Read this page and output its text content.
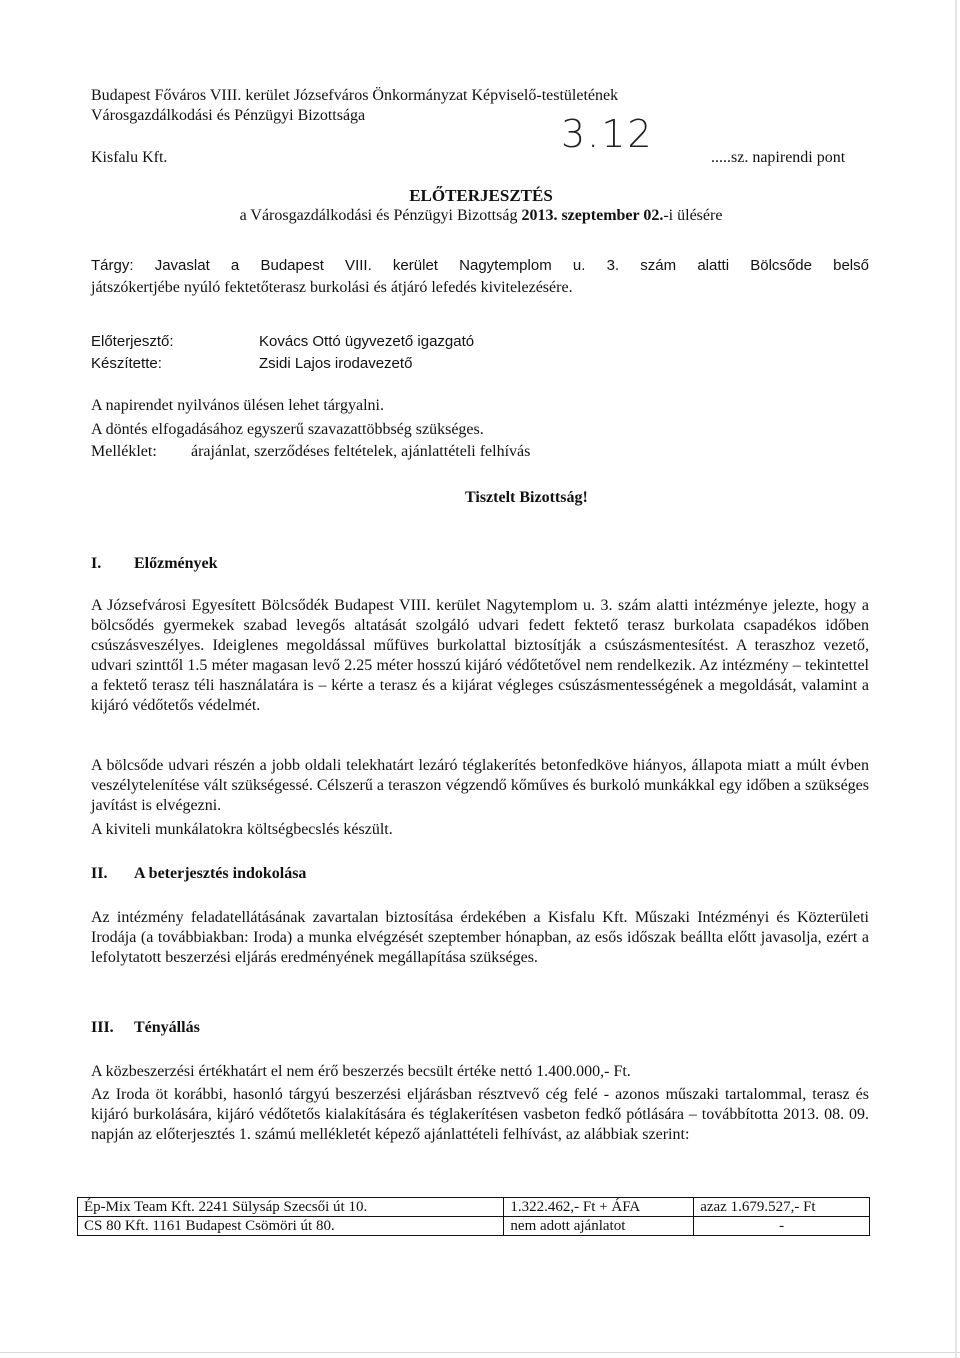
Budapest Főváros VIII. kerület Józsefváros Önkormányzat Képviselő-testületének
Városgazdálkodási és Pénzügyi Bizottsága
Kisfalu Kft.
3.12
.....sz. napirendi pont
ELŐTERJESZTÉS
a Városgazdálkodási és Pénzügyi Bizottság 2013. szeptember 02.-i ülésére
Tárgy: Javaslat a Budapest VIII. kerület Nagytemplom u. 3. szám alatti Bölcsőde belső
játszókertjébe nyúló fektetőterasz burkolási és átjáró lefedés kivitelezésére.
Előterjesztő:	Kovács Ottó ügyvezető igazgató
Készítette:	Zsidi Lajos irodavezető
A napirendet nyilvános ülésen lehet tárgyalni.
A döntés elfogadásához egyszerű szavazattöbbség szükséges.
Melléklet: árajánlat, szerződéses feltételek, ajánlattételi felhívás
Tisztelt Bizottság!
I. Előzmények
A Józsefvárosi Egyesített Bölcsődék Budapest VIII. kerület Nagytemplom u. 3. szám alatti intézménye jelezte, hogy a bölcsődés gyermekek szabad levegős altatását szolgáló udvari fedett fektető terasz burkolata csapadékos időben csúszásveszélyes. Ideiglenes megoldással műfüves burkolattal biztosítják a csúszásmentesítést. A teraszhoz vezető, udvari szinttől 1.5 méter magasan levő 2.25 méter hosszú kijáró védőtetővel nem rendelkezik. Az intézmény – tekintettel a fektető terasz téli használatára is – kérte a terasz és a kijárat végleges csúszásmentességének a megoldását, valamint a kijáró védőtetős védelmét.
A bölcsőde udvari részén a jobb oldali telekhatárt lezáró téglakerítés betonfedköve hiányos, állapota miatt a múlt évben veszélytelenítése vált szükségessé. Célszerű a teraszon végzendő kőműves és burkoló munkákkal egy időben a szükséges javítást is elvégezni.
A kiviteli munkálatokra költségbecslés készült.
II. A beterjesztés indokolása
Az intézmény feladatellátásának zavartalan biztosítása érdekében a Kisfalu Kft. Műszaki Intézményi és Közterületi Irodája (a továbbiakban: Iroda) a munka elvégzését szeptember hónapban, az esős időszak beállta előtt javasolja, ezért a lefolytatott beszerzési eljárás eredményének megállapítása szükséges.
III. Tényállás
A közbeszerzési értékhatárt el nem érő beszerzés becsült értéke nettó 1.400.000,- Ft.
Az Iroda öt korábbi, hasonló tárgyú beszerzési eljárásban résztvevő cég felé - azonos műszaki tartalommal, terasz és kijáró burkolására, kijáró védőtetős kialakítására és téglakerítésen vasbeton fedkő pótlására – továbbította 2013. 08. 09. napján az előterjesztés 1. számú mellékletét képező ajánlattételi felhívást, az alábbiak szerint:
Ép-Mix Team Kft. 2241 Sülysáp Szecsői út 10.	1.322.462,- Ft + ÁFA	azaz 1.679.527,- Ft
CS 80 Kft. 1161 Budapest Csömöri út 80.	nem adott ajánlatot	-
